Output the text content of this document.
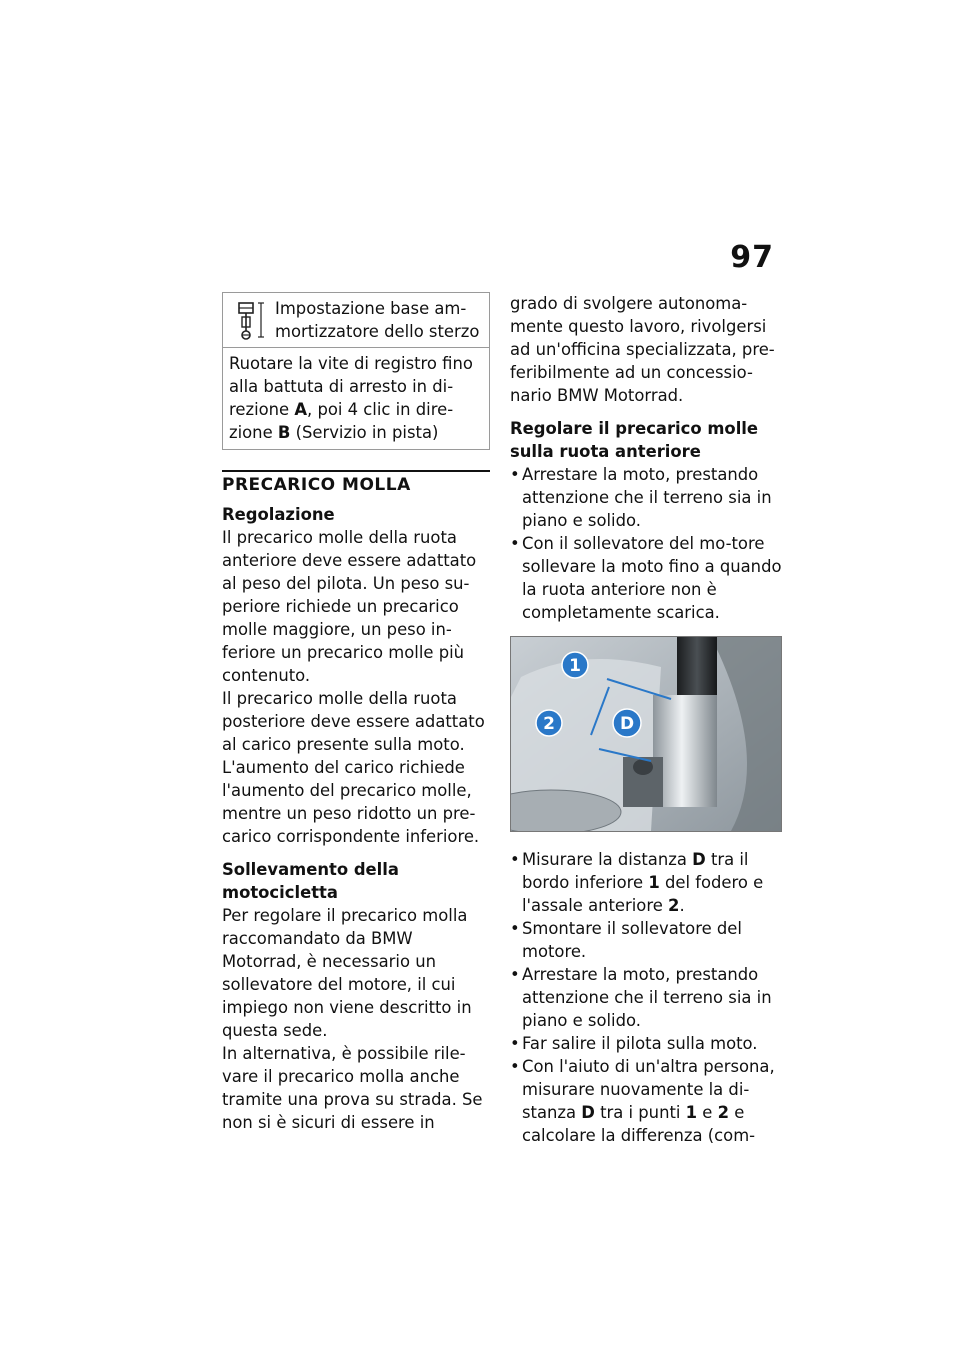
97
Impostazione base am-mortizzatore dello sterzo
Ruotare la vite di registro fino alla battuta di arresto in di-rezione A, poi 4 clic in dire-zione B (Servizio in pista)
PRECARICO MOLLA

Regolazione

Il precarico molle della ruota anteriore deve essere adattato al peso del pilota. Un peso su-periore richiede un precarico molle maggiore, un peso in-feriore un precarico molle più contenuto.

Il precarico molle della ruota posteriore deve essere adattato al carico presente sulla moto. L'aumento del carico richiede l'aumento del precarico molle, mentre un peso ridotto un pre-carico corrispondente inferiore.

Sollevamento della motocicletta

Per regolare il precarico molla raccomandato da BMW Motorrad, è necessario un sollevatore del motore, il cui impiego non viene descritto in questa sede.

In alternativa, è possibile rile-vare il precarico molla anche tramite una prova su strada. Se non si è sicuri di essere in

grado di svolgere autonoma-mente questo lavoro, rivolgersi ad un'officina specializzata, pre-feribilmente ad un concessio-nario BMW Motorrad.

Regolare il precarico molle sulla ruota anteriore

• Arrestare la moto, prestando attenzione che il terreno sia in piano e solido.
• Con il sollevatore del mo-tore sollevare la moto fino a quando la ruota anteriore non è completamente scarica.
1
2	D
• Misurare la distanza D tra il bordo inferiore 1 del fodero e l'assale anteriore 2.
• Smontare il sollevatore del motore.
• Arrestare la moto, prestando attenzione che il terreno sia in piano e solido.
• Far salire il pilota sulla moto.
• Con l'aiuto di un'altra persona, misurare nuovamente la di-stanza D tra i punti 1 e 2 e calcolare la differenza (com-
